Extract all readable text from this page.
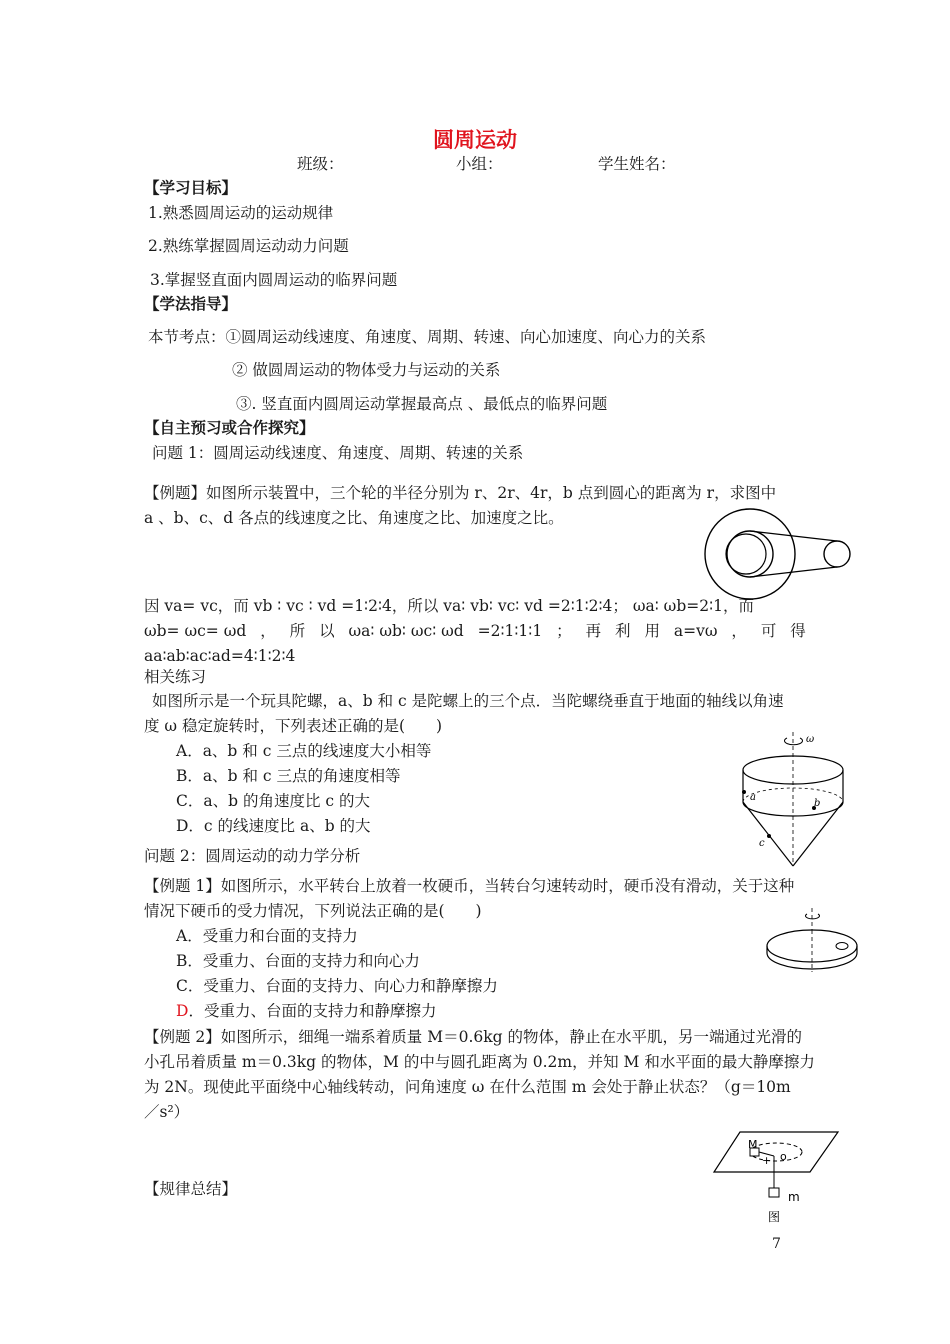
圆周运动
班级：	小组：	学生姓名：
【学习目标】
1.熟悉圆周运动的运动规律
2.熟练掌握圆周运动动力问题
3.掌握竖直面内圆周运动的临界问题
【学法指导】
本节考点：①圆周运动线速度、角速度、周期、转速、向心加速度、向心力的关系
② 做圆周运动的物体受力与运动的关系
③. 竖直面内圆周运动掌握最高点 、最低点的临界问题
【自主预习或合作探究】
问题 1：圆周运动线速度、角速度、周期、转速的关系
【例题】如图所示装置中，三个轮的半径分别为 r、2r、4r，b 点到圆心的距离为 r，求图中
a 、b、c、d 各点的线速度之比、角速度之比、加速度之比。
因 va= vc，而 vb ∶ vc ∶ vd =1∶2∶4，所以 va∶ vb∶ vc∶ vd =2∶1∶2∶4； ωa∶ ωb=2∶1，而
ωb= ωc= ωd ， 所 以 ωa∶ ωb∶ ωc∶ ωd =2∶1∶1∶1 ； 再 利 用 a=vω ， 可 得
aa∶ab∶ac∶ad=4∶1∶2∶4
相关练习
如图所示是一个玩具陀螺，a、b 和 c 是陀螺上的三个点．当陀螺绕垂直于地面的轴线以角速
度 ω 稳定旋转时，下列表述正确的是(　　)
A．a、b 和 c 三点的线速度大小相等
B．a、b 和 c 三点的角速度相等
C．a、b 的角速度比 c 的大
D．c 的线速度比 a、b 的大
ω
a
b
c
问题 2：圆周运动的动力学分析
【例题 1】如图所示，水平转台上放着一枚硬币，当转台匀速转动时，硬币没有滑动，关于这种
情况下硬币的受力情况，下列说法正确的是(　　)
A．受重力和台面的支持力
B．受重力、台面的支持力和向心力
C．受重力、台面的支持力、向心力和静摩擦力
D．受重力、台面的支持力和静摩擦力
【例题 2】如图所示，细绳一端系着质量 M＝0.6kg 的物体，静止在水平肌，另一端通过光滑的
小孔吊着质量 m＝0.3kg 的物体，M 的中与圆孔距离为 0.2m，并知 M 和水平面的最大静摩擦力
为 2N。现使此平面绕中心轴线转动，问角速度 ω 在什么范围 m 会处于静止状态？（g＝10m
／s²）
M
+ o
m
图
【规律总结】
7
